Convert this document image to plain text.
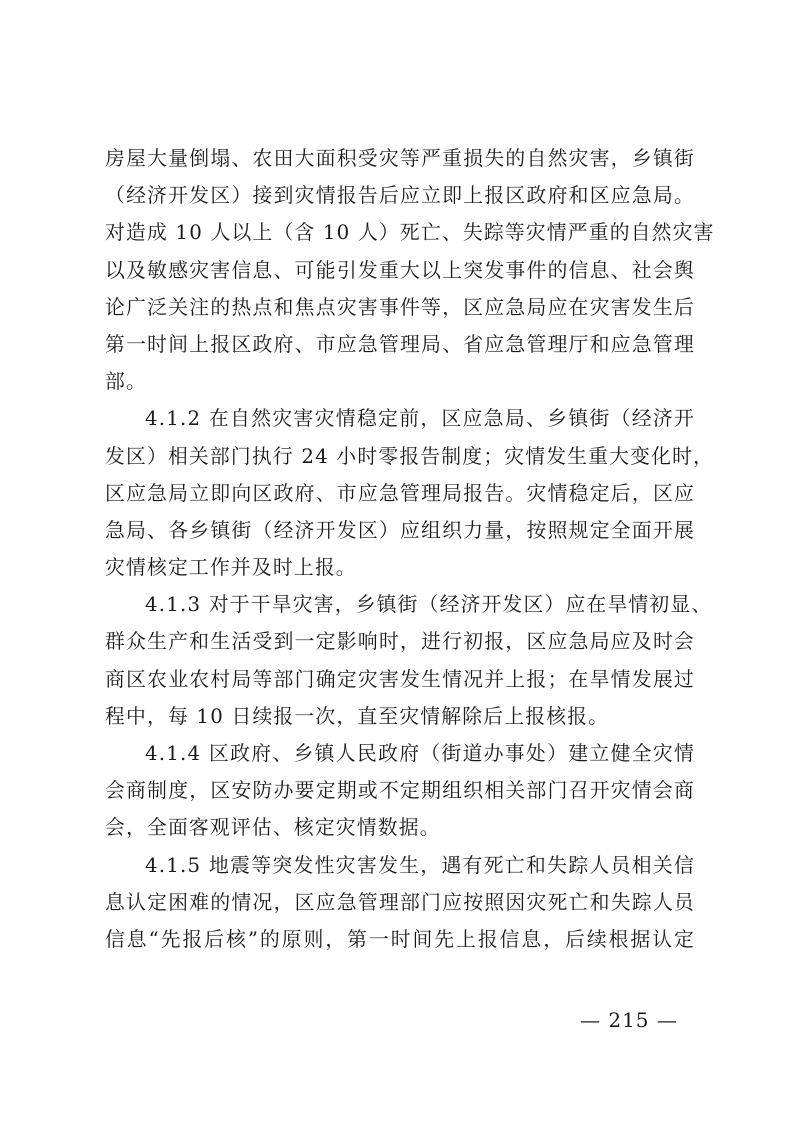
房屋大量倒塌、农田大面积受灾等严重损失的自然灾害，乡镇街
（经济开发区）接到灾情报告后应立即上报区政府和区应急局。
对造成 10 人以上（含 10 人）死亡、失踪等灾情严重的自然灾害
以及敏感灾害信息、可能引发重大以上突发事件的信息、社会舆
论广泛关注的热点和焦点灾害事件等，区应急局应在灾害发生后
第一时间上报区政府、市应急管理局、省应急管理厅和应急管理
部。
4.1.2 在自然灾害灾情稳定前，区应急局、乡镇街（经济开
发区）相关部门执行 24 小时零报告制度；灾情发生重大变化时，
区应急局立即向区政府、市应急管理局报告。灾情稳定后，区应
急局、各乡镇街（经济开发区）应组织力量，按照规定全面开展
灾情核定工作并及时上报。
4.1.3 对于干旱灾害，乡镇街（经济开发区）应在旱情初显、
群众生产和生活受到一定影响时，进行初报，区应急局应及时会
商区农业农村局等部门确定灾害发生情况并上报；在旱情发展过
程中，每 10 日续报一次，直至灾情解除后上报核报。
4.1.4 区政府、乡镇人民政府（街道办事处）建立健全灾情
会商制度，区安防办要定期或不定期组织相关部门召开灾情会商
会，全面客观评估、核定灾情数据。
4.1.5 地震等突发性灾害发生，遇有死亡和失踪人员相关信
息认定困难的情况，区应急管理部门应按照因灾死亡和失踪人员
信息“先报后核”的原则，第一时间先上报信息，后续根据认定
— 215 —
